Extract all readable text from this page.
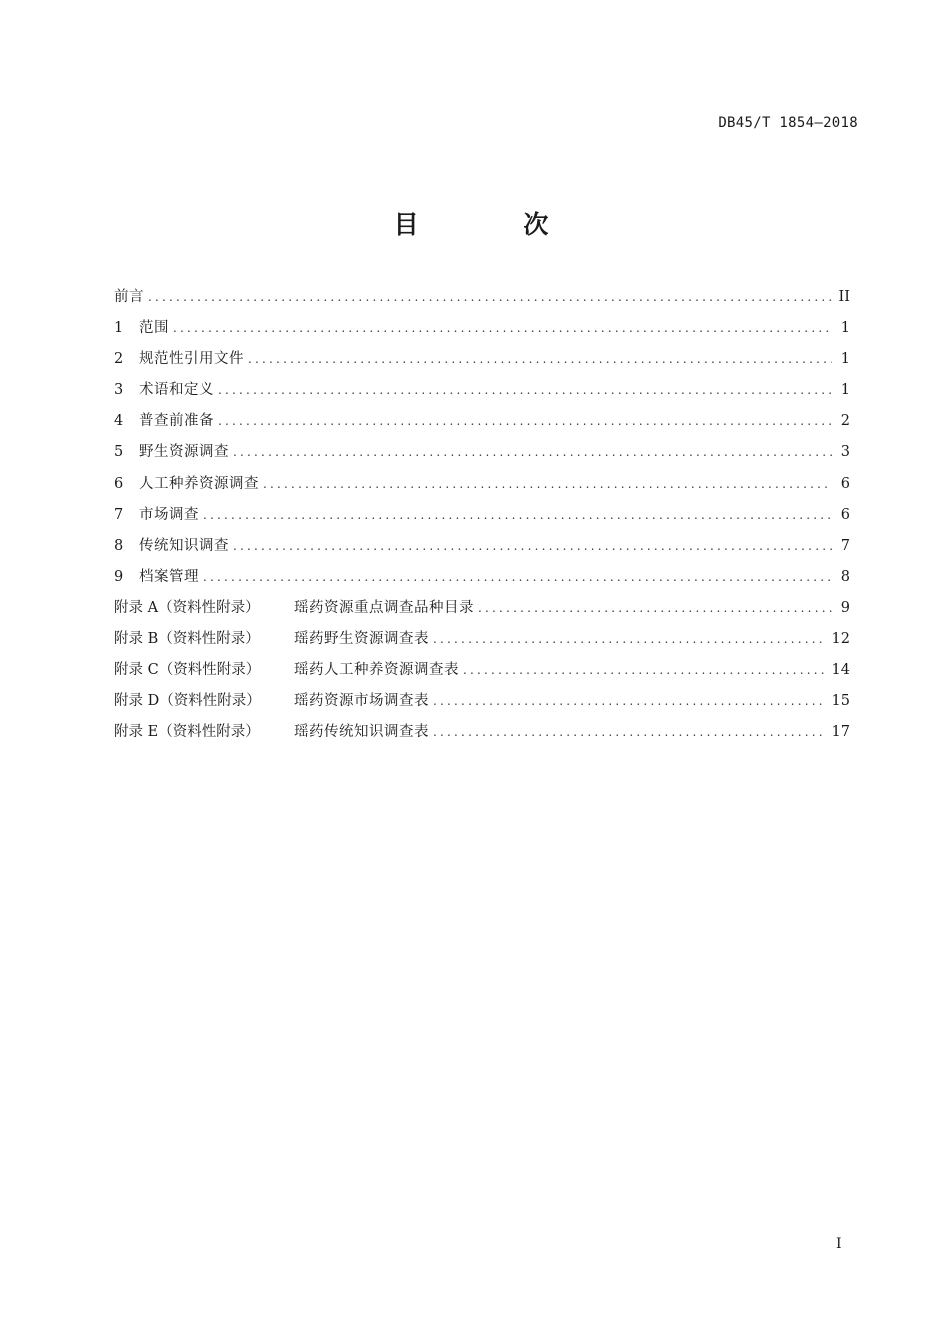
DB45/T 1854—2018
目 次
前言 .....	II
1	范围 .....	1
2	规范性引用文件 .....	1
3	术语和定义 .....	1
4	普查前准备 .....	2
5	野生资源调查 .....	3
6	人工种养资源调查 .....	6
7	市场调查 .....	6
8	传统知识调查 .....	7
9	档案管理 .....	8
附录 A（资料性附录）	瑶药资源重点调查品种目录 .....	9
附录 B（资料性附录）	瑶药野生资源调查表 .....	12
附录 C（资料性附录）	瑶药人工种养资源调查表 .....	14
附录 D（资料性附录）	瑶药资源市场调查表 .....	15
附录 E（资料性附录）	瑶药传统知识调查表 .....	17
I
